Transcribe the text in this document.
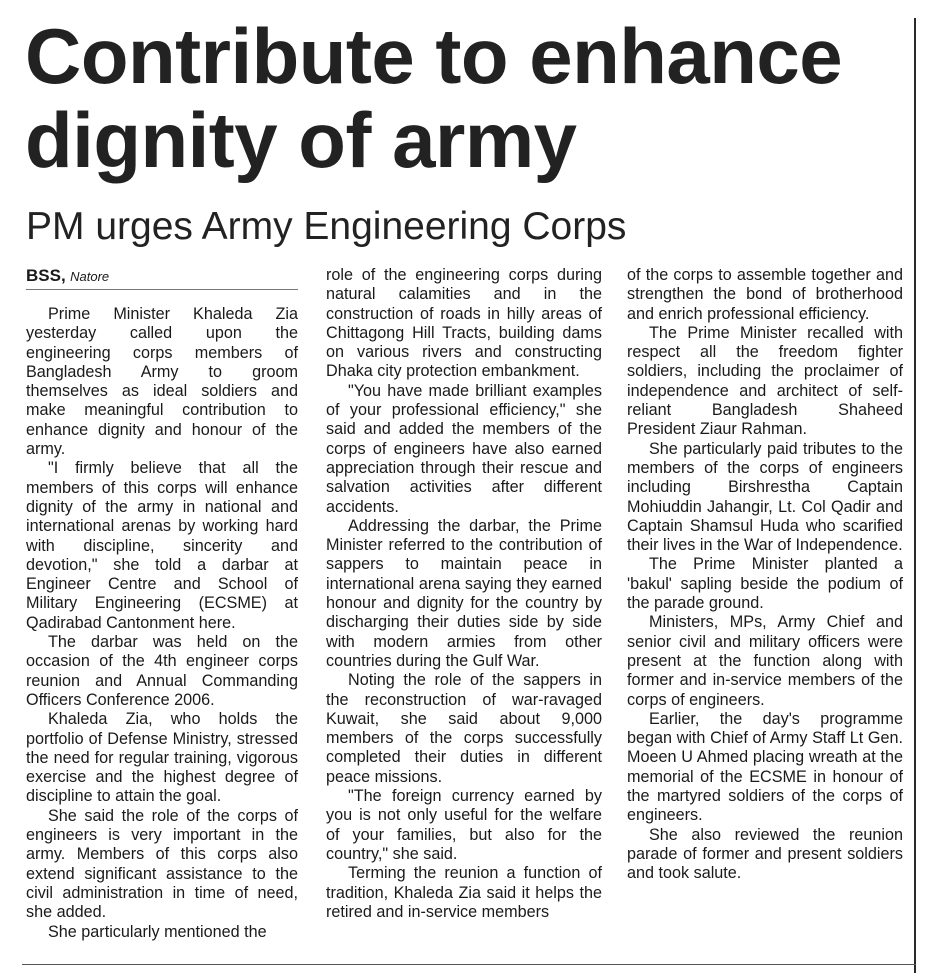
Contribute to enhance dignity of army
PM urges Army Engineering Corps
BSS, Natore

Prime Minister Khaleda Zia yesterday called upon the engineering corps members of Bangladesh Army to groom themselves as ideal soldiers and make meaningful contribution to enhance dignity and honour of the army.

"I firmly believe that all the members of this corps will enhance dignity of the army in national and international arenas by working hard with discipline, sincerity and devotion," she told a darbar at Engineer Centre and School of Military Engineering (ECSME) at Qadirabad Cantonment here.

The darbar was held on the occasion of the 4th engineer corps reunion and Annual Commanding Officers Conference 2006.

Khaleda Zia, who holds the portfolio of Defense Ministry, stressed the need for regular training, vigorous exercise and the highest degree of discipline to attain the goal.

She said the role of the corps of engineers is very important in the army. Members of this corps also extend significant assistance to the civil administration in time of need, she added.

She particularly mentioned the

role of the engineering corps during natural calamities and in the construction of roads in hilly areas of Chittagong Hill Tracts, building dams on various rivers and constructing Dhaka city protection embankment.

"You have made brilliant examples of your professional efficiency," she said and added the members of the corps of engineers have also earned appreciation through their rescue and salvation activities after different accidents.

Addressing the darbar, the Prime Minister referred to the contribution of sappers to maintain peace in international arena saying they earned honour and dignity for the country by discharging their duties side by side with modern armies from other countries during the Gulf War.

Noting the role of the sappers in the reconstruction of war-ravaged Kuwait, she said about 9,000 members of the corps successfully completed their duties in different peace missions.

"The foreign currency earned by you is not only useful for the welfare of your families, but also for the country," she said.

Terming the reunion a function of tradition, Khaleda Zia said it helps the retired and in-service members

of the corps to assemble together and strengthen the bond of brotherhood and enrich professional efficiency.

The Prime Minister recalled with respect all the freedom fighter soldiers, including the proclaimer of independence and architect of self-reliant Bangladesh Shaheed President Ziaur Rahman.

She particularly paid tributes to the members of the corps of engineers including Birshrestha Captain Mohiuddin Jahangir, Lt. Col Qadir and Captain Shamsul Huda who scarified their lives in the War of Independence.

The Prime Minister planted a 'bakul' sapling beside the podium of the parade ground.

Ministers, MPs, Army Chief and senior civil and military officers were present at the function along with former and in-service members of the corps of engineers.

Earlier, the day's programme began with Chief of Army Staff Lt Gen. Moeen U Ahmed placing wreath at the memorial of the ECSME in honour of the martyred soldiers of the corps of engineers.

She also reviewed the reunion parade of former and present soldiers and took salute.
